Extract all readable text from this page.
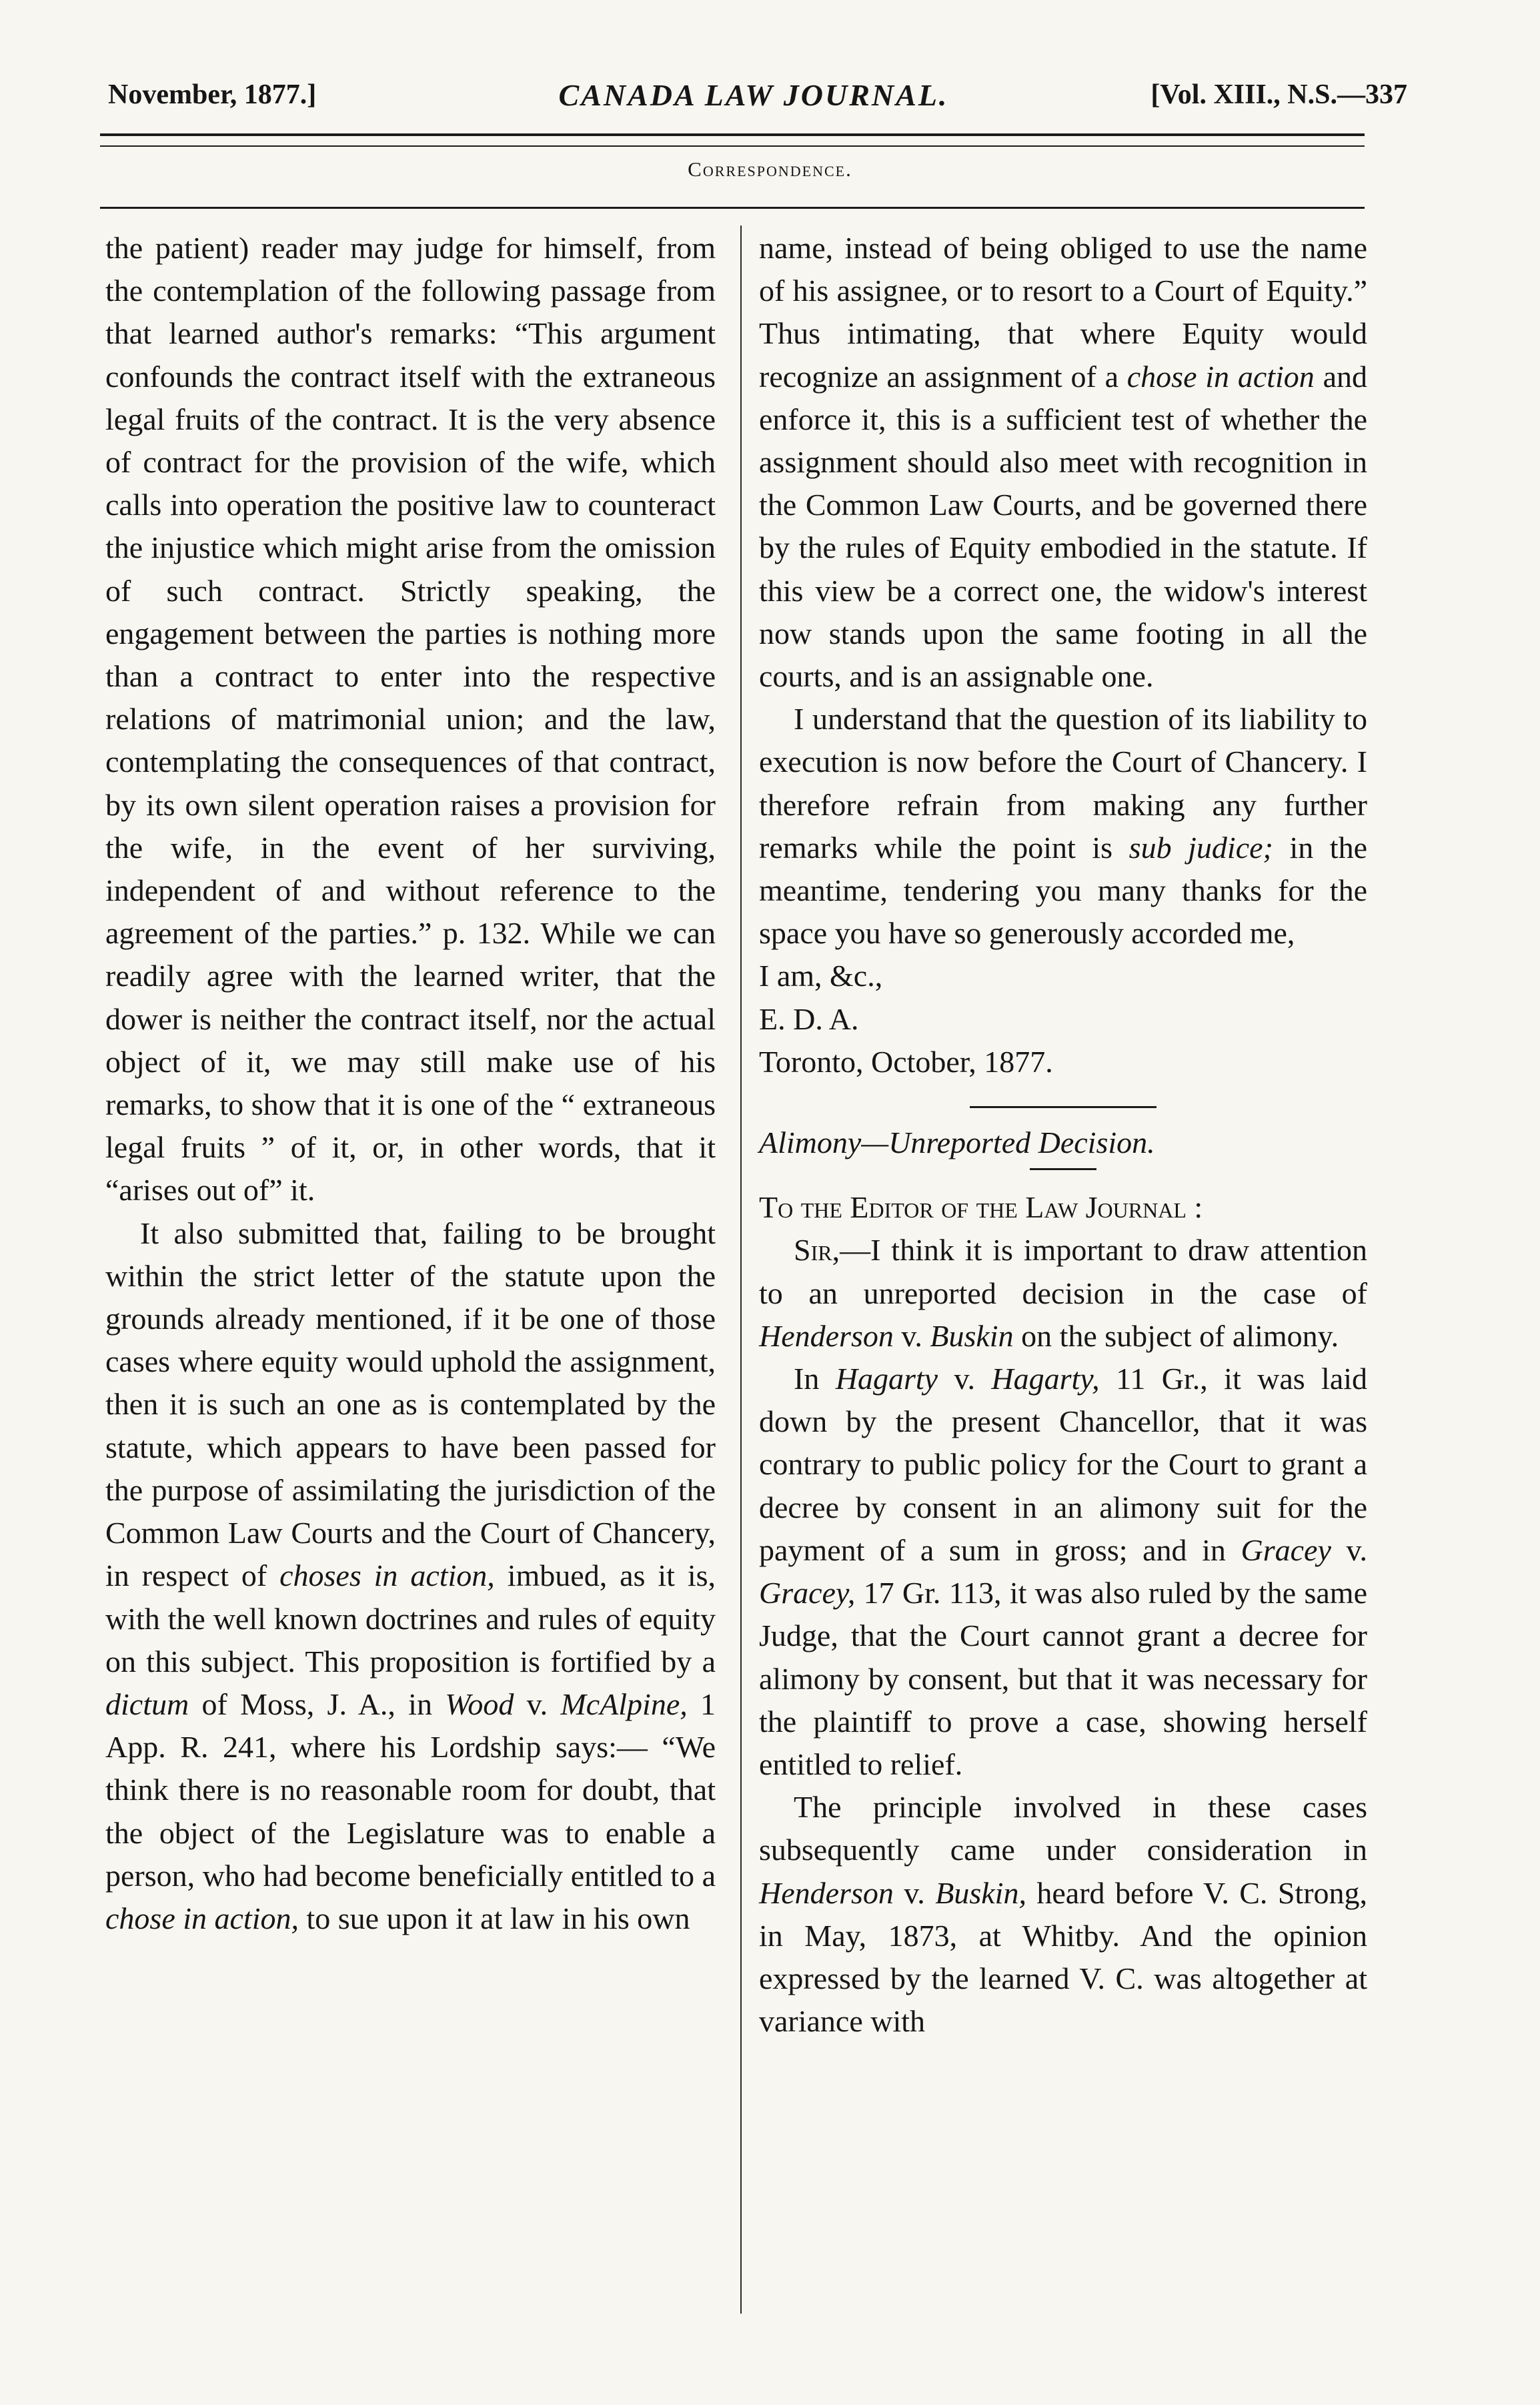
November, 1877.]	CANADA LAW JOURNAL.	[Vol. XIII., N.S.—337
Correspondence.

the patient) reader may judge for himself, from the contemplation of the following passage from that learned author's remarks: “This argument confounds the contract itself with the extraneous legal fruits of the contract. It is the very absence of contract for the provision of the wife, which calls into operation the positive law to counteract the injustice which might arise from the omission of such contract. Strictly speaking, the engagement between the parties is nothing more than a contract to enter into the respective relations of matrimonial union; and the law, contemplating the consequences of that contract, by its own silent operation raises a provision for the wife, in the event of her surviving, independent of and without reference to the agreement of the parties.” p. 132. While we can readily agree with the learned writer, that the dower is neither the contract itself, nor the actual object of it, we may still make use of his remarks, to show that it is one of the “ extraneous legal fruits ” of it, or, in other words, that it “arises out of” it.

It also submitted that, failing to be brought within the strict letter of the statute upon the grounds already mentioned, if it be one of those cases where equity would uphold the assignment, then it is such an one as is contemplated by the statute, which appears to have been passed for the purpose of assimilating the jurisdiction of the Common Law Courts and the Court of Chancery, in respect of choses in action, imbued, as it is, with the well known doctrines and rules of equity on this subject. This proposition is fortified by a dictum of Moss, J. A., in Wood v. McAlpine, 1 App. R. 241, where his Lordship says:— “We think there is no reasonable room for doubt, that the object of the Legislature was to enable a person, who had become beneficially entitled to a chose in action, to sue upon it at law in his own

name, instead of being obliged to use the name of his assignee, or to resort to a Court of Equity.” Thus intimating, that where Equity would recognize an assignment of a chose in action and enforce it, this is a sufficient test of whether the assignment should also meet with recognition in the Common Law Courts, and be governed there by the rules of Equity embodied in the statute. If this view be a correct one, the widow's interest now stands upon the same footing in all the courts, and is an assignable one.

I understand that the question of its liability to execution is now before the Court of Chancery. I therefore refrain from making any further remarks while the point is sub judice; in the meantime, tendering you many thanks for the space you have so generously accorded me,

I am, &c.,

E. D. A.

Toronto, October, 1877.

Alimony—Unreported Decision.

To the Editor of the Law Journal :

Sir,—I think it is important to draw attention to an unreported decision in the case of Henderson v. Buskin on the subject of alimony.

In Hagarty v. Hagarty, 11 Gr., it was laid down by the present Chancellor, that it was contrary to public policy for the Court to grant a decree by consent in an alimony suit for the payment of a sum in gross; and in Gracey v. Gracey, 17 Gr. 113, it was also ruled by the same Judge, that the Court cannot grant a decree for alimony by consent, but that it was necessary for the plaintiff to prove a case, showing herself entitled to relief.

The principle involved in these cases subsequently came under consideration in Henderson v. Buskin, heard before V. C. Strong, in May, 1873, at Whitby. And the opinion expressed by the learned V. C. was altogether at variance with
